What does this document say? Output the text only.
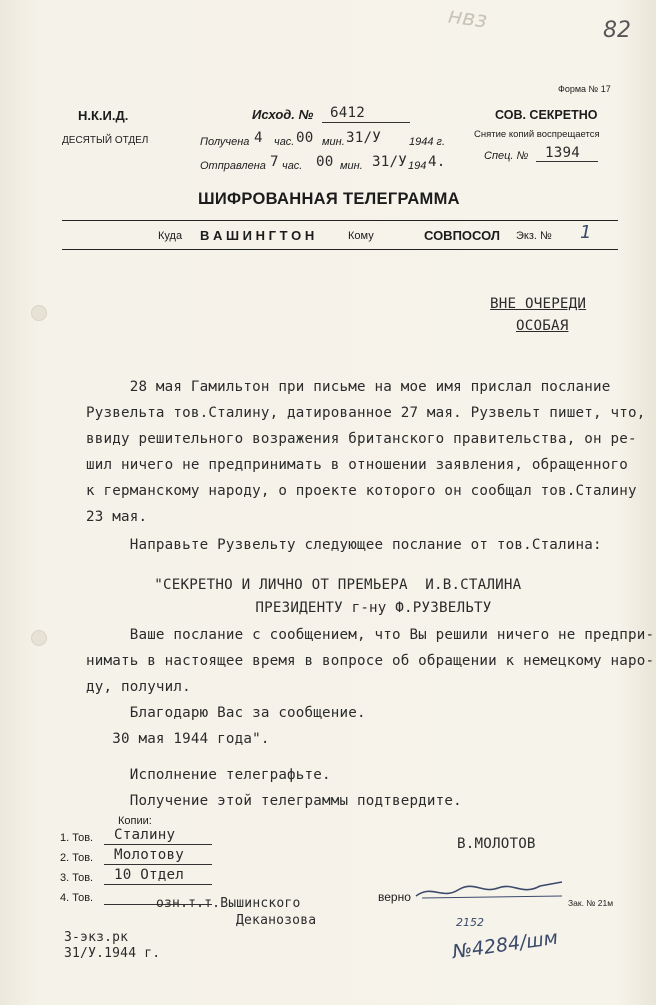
82
нвз
Форма № 17
Н.К.И.Д.
ДЕСЯТЫЙ ОТДЕЛ
Исход. № 6412
Получена 4 час. 00 мин. 31/У	1944 г.
Отправлена 7 час. 00 мин. 31/У 194 4.
СОВ. СЕКРЕТНО
Снятие копий воспрещается
Спец. № 1394
ШИФРОВАННАЯ ТЕЛЕГРАММА
Куда В А Ш И Н Г Т О Н	Кому	СОВПОСОЛ Экз. № 1
ВНЕ ОЧЕРЕДИ
ОСОБАЯ
28 мая Гамильтон при письме на мое имя прислал послание
Рузвельта тов.Сталину, датированное 27 мая. Рузвельт пишет, что,
ввиду решительного возражения британского правительства, он ре-
шил ничего не предпринимать в отношении заявления, обращенного
к германскому народу, о проекте которого он сообщал тов.Сталину
23 мая.
Направьте Рузвельту следующее послание от тов.Сталина:
"СЕКРЕТНО И ЛИЧНО ОТ ПРЕМЬЕРА  И.В.СТАЛИНА
ПРЕЗИДЕНТУ г-ну Ф.РУЗВЕЛЬТУ
Ваше послание с сообщением, что Вы решили ничего не предпри-
нимать в настоящее время в вопросе об обращении к немецкому наро-
ду, получил.
Благодарю Вас за сообщение.
30 мая 1944 года".
Исполнение телеграфьте.
Получение этой телеграммы подтвердите.
Копии:
1. Тов. Сталину
2. Тов. Молотову
3. Тов. 10 Отдел
4. Тов.
В.МОЛОТОВ
озн.т.т.Вышинского
Деканозова
верно	Зак. № 21м
3-экз.рк
31/У.1944 г.
2152
№4284/шм
